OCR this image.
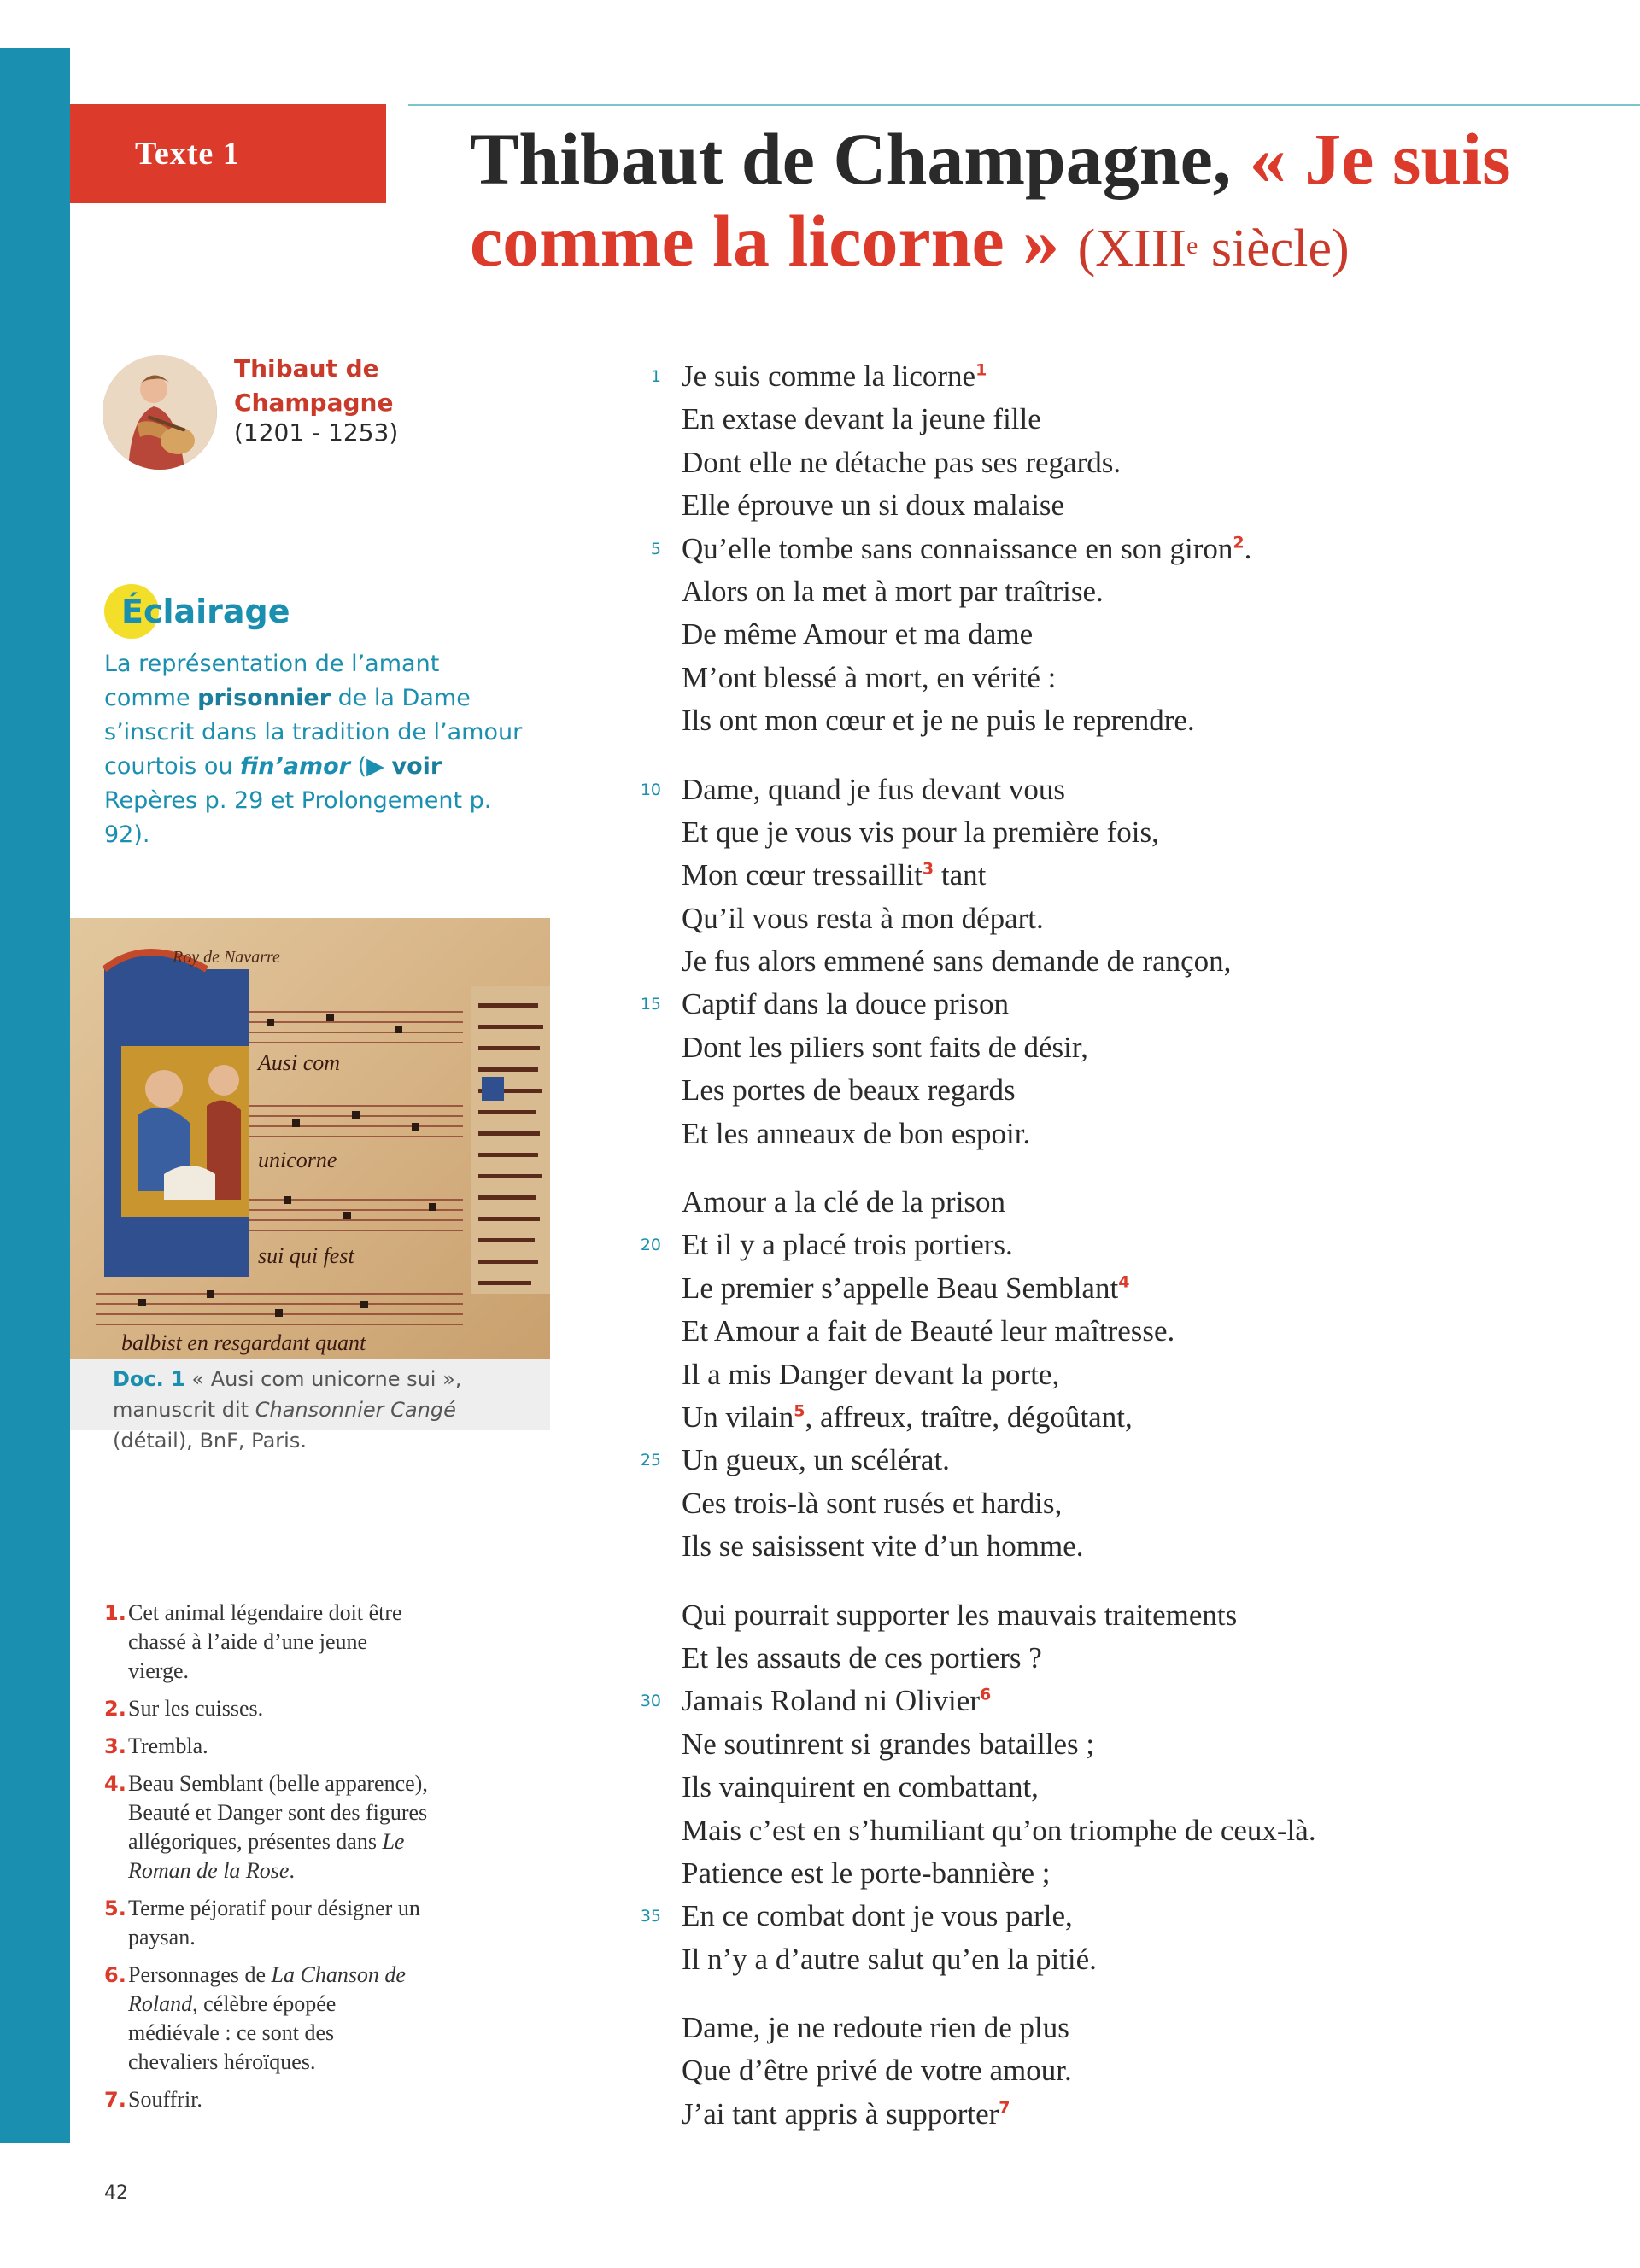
Texte 1	Thibaut de Champagne, « Je suis comme la licorne » (XIIIe siècle)
Thibaut de Champagne
(1201 - 1253)
Éclairage

La représentation de l’amant comme prisonnier de la Dame s’inscrit dans la tradition de l’amour courtois ou fin’amor (▶ voir Repères p. 29 et Prolongement p. 92).

Roy de Navarre
Ausi com
unicorne
sui qui fest
balbist en resgardant quant
Doc. 1 « Ausi com unicorne sui », manuscrit dit Chansonnier Cangé (détail), BnF, Paris.
1 Je suis comme la licorne$^1$
En extase devant la jeune fille
Dont elle ne détache pas ses regards.
Elle éprouve un si doux malaise
5 Qu’elle tombe sans connaissance en son giron$^2$.
Alors on la met à mort par traîtrise.
De même Amour et ma dame
M’ont blessé à mort, en vérité :
Ils ont mon cœur et je ne puis le reprendre.
10 Dame, quand je fus devant vous
Et que je vous vis pour la première fois,
Mon cœur tressaillit$^3$ tant
Qu’il vous resta à mon départ.
Je fus alors emmené sans demande de rançon,
15 Captif dans la douce prison
Dont les piliers sont faits de désir,
Les portes de beaux regards
Et les anneaux de bon espoir.
Amour a la clé de la prison
20 Et il y a placé trois portiers.
Le premier s’appelle Beau Semblant$^4$
Et Amour a fait de Beauté leur maîtresse.
Il a mis Danger devant la porte,
Un vilain$^5$, affreux, traître, dégoûtant,
25 Un gueux, un scélérat.
Ces trois-là sont rusés et hardis,
Ils se saisissent vite d’un homme.
Qui pourrait supporter les mauvais traitements
Et les assauts de ces portiers ?
30 Jamais Roland ni Olivier$^6$
Ne soutinrent si grandes batailles ;
Ils vainquirent en combattant,
Mais c’est en s’humiliant qu’on triomphe de ceux-là.
Patience est le porte-bannière ;
35 En ce combat dont je vous parle,
Il n’y a d’autre salut qu’en la pitié.
Dame, je ne redoute rien de plus
Que d’être privé de votre amour.
J’ai tant appris à supporter$^7$
1. Cet animal légendaire doit être chassé à l’aide d’une jeune vierge.
2. Sur les cuisses.
3. Trembla.
4. Beau Semblant (belle apparence), Beauté et Danger sont des figures allégoriques, présentes dans Le Roman de la Rose.
5. Terme péjoratif pour désigner un paysan.
6. Personnages de La Chanson de Roland, célèbre épopée médiévale : ce sont des chevaliers héroïques.
7. Souffrir.
42
